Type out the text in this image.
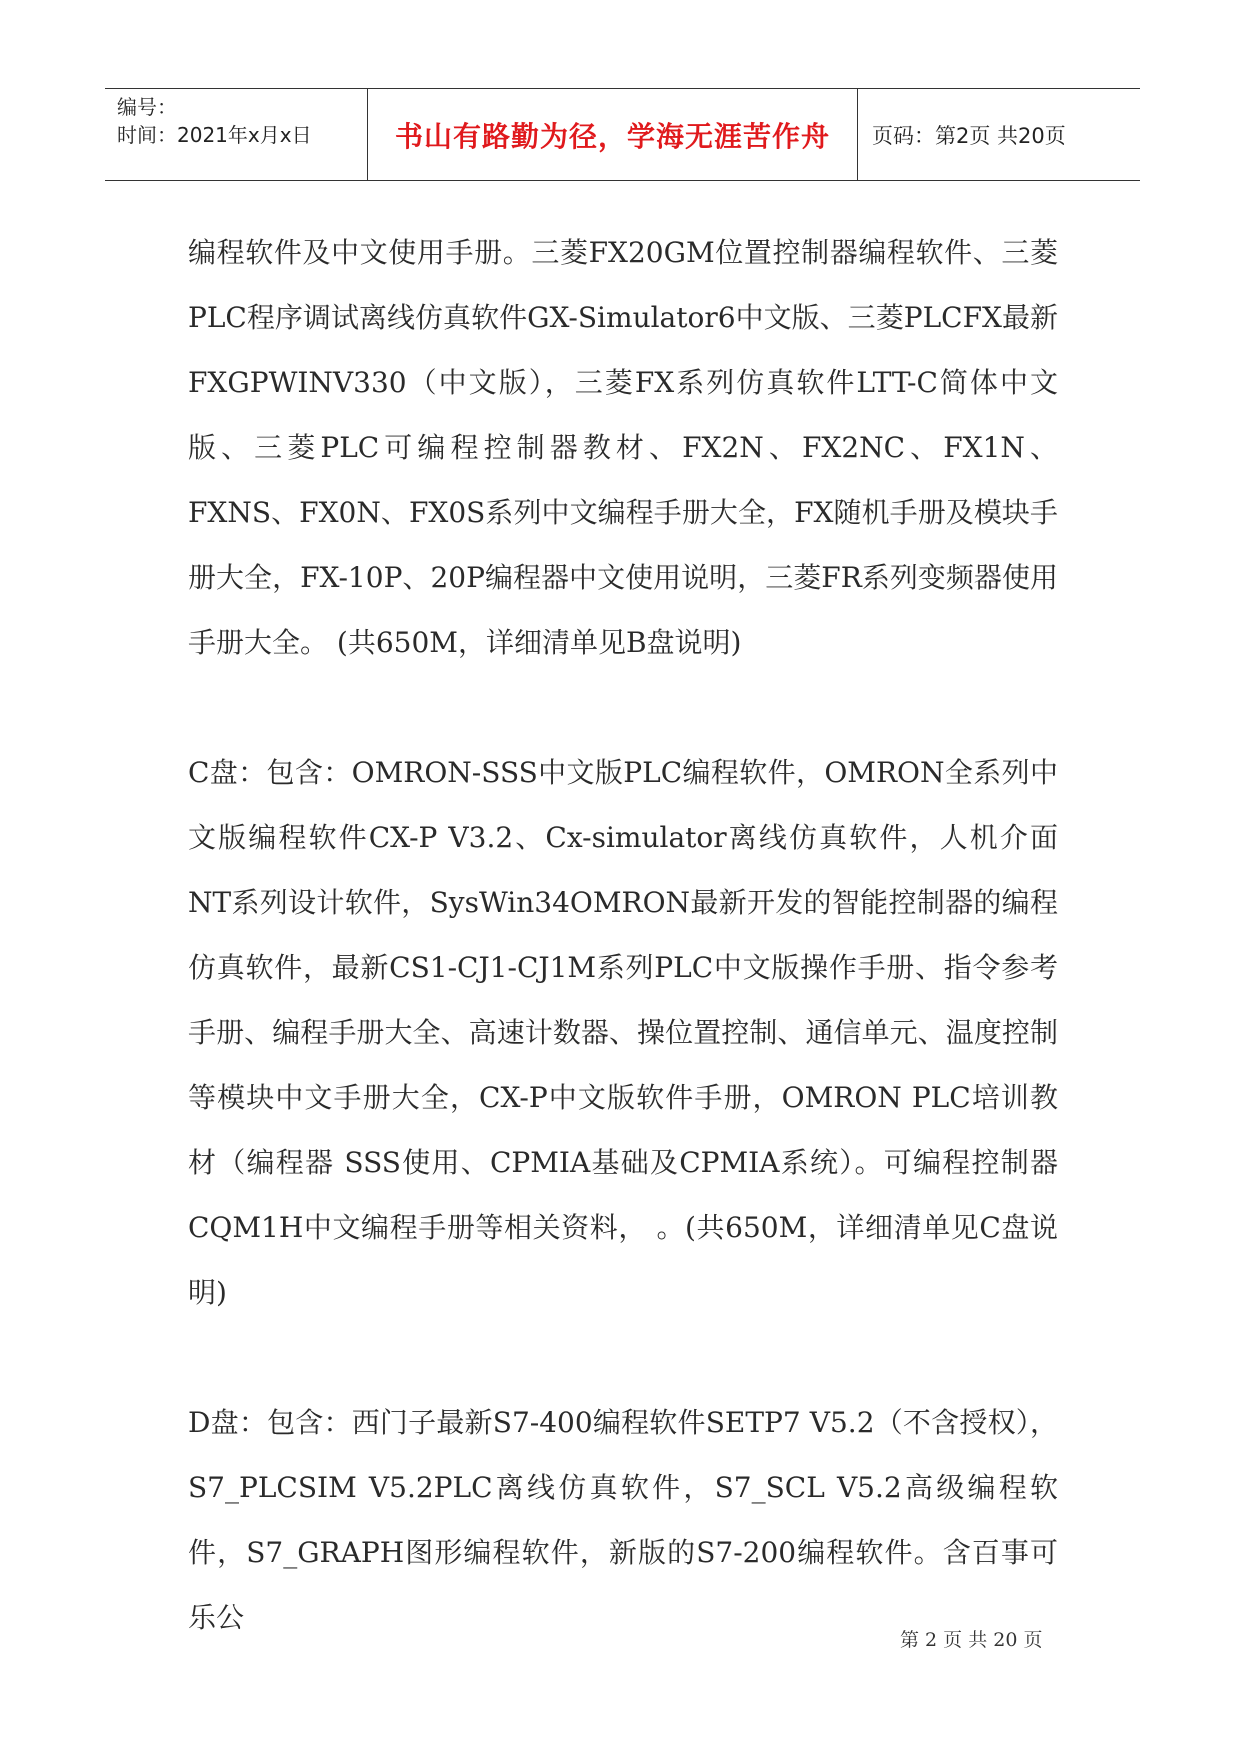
编号：
时间：2021年x月x日	书山有路勤为径，学海无涯苦作舟	页码：第2页 共20页

编程软件及中文使用手册。三菱FX20GM位置控制器编程软件、三菱PLC程序调试离线仿真软件GX-Simulator6中文版、三菱PLCFX最新FXGPWINV330（中文版），三菱FX系列仿真软件LTT-C简体中文版、三菱PLC可编程控制器教材、FX2N、FX2NC、FX1N、FXNS、FX0N、FX0S系列中文编程手册大全，FX随机手册及模块手册大全，FX-10P、20P编程器中文使用说明，三菱FR系列变频器使用手册大全。 (共650M，详细清单见B盘说明)

C盘：包含：OMRON-SSS中文版PLC编程软件，OMRON全系列中文版编程软件CX-P V3.2、Cx-simulator离线仿真软件，人机介面NT系列设计软件，SysWin34OMRON最新开发的智能控制器的编程仿真软件，最新CS1-CJ1-CJ1M系列PLC中文版操作手册、指令参考手册、编程手册大全、高速计数器、操位置控制、通信单元、温度控制等模块中文手册大全，CX-P中文版软件手册，OMRON PLC培训教材（编程器 SSS使用、CPMIA基础及CPMIA系统）。可编程控制器CQM1H中文编程手册等相关资料， 。(共650M，详细清单见C盘说明)

D盘：包含：西门子最新S7-400编程软件SETP7 V5.2（不含授权），S7_PLCSIM V5.2PLC离线仿真软件，S7_SCL V5.2高级编程软件，S7_GRAPH图形编程软件，新版的S7-200编程软件。含百事可乐公

第 2 页 共 20 页
